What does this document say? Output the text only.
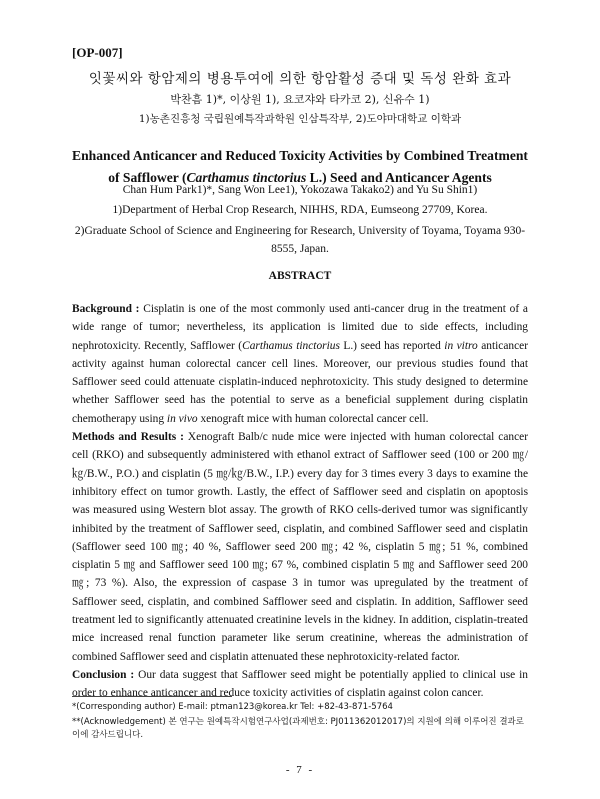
[OP-007]
잇꽃씨와 항암제의 병용투여에 의한 항암활성 증대 및 독성 완화 효과
박찬흠 1)*, 이상원 1), 요코쟈와 타카코 2), 신유수 1)
1)농촌진흥청 국립원예특작과학원 인삼특작부, 2)도야마대학교 이학과
Enhanced Anticancer and Reduced Toxicity Activities by Combined Treatment
of Safflower (Carthamus tinctorius L.) Seed and Anticancer Agents
Chan Hum Park1)*, Sang Won Lee1), Yokozawa Takako2) and Yu Su Shin1)
1)Department of Herbal Crop Research, NIHHS, RDA, Eumseong 27709, Korea.
2)Graduate School of Science and Engineering for Research, University of Toyama, Toyama 930-8555, Japan.
ABSTRACT

Background : Cisplatin is one of the most commonly used anti-cancer drug in the treatment of a wide range of tumor; nevertheless, its application is limited due to side effects, including nephrotoxicity. Recently, Safflower (Carthamus tinctorius L.) seed has reported in vitro anticancer activity against human colorectal cancer cell lines. Moreover, our previous studies found that Safflower seed could attenuate cisplatin-induced nephrotoxicity. This study designed to determine whether Safflower seed has the potential to serve as a beneficial supplement during cisplatin chemotherapy using in vivo xenograft mice with human colorectal cancer cell.

Methods and Results : Xenograft Balb/c nude mice were injected with human colorectal cancer cell (RKO) and subsequently administered with ethanol extract of Safflower seed (100 or 200 ㎎/㎏/B.W., P.O.) and cisplatin (5 ㎎/㎏/B.W., I.P.) every day for 3 times every 3 days to examine the inhibitory effect on tumor growth. Lastly, the effect of Safflower seed and cisplatin on apoptosis was measured using Western blot assay. The growth of RKO cells-derived tumor was significantly inhibited by the treatment of Safflower seed, cisplatin, and combined Safflower seed and cisplatin (Safflower seed 100 ㎎; 40 %, Safflower seed 200 ㎎; 42 %, cisplatin 5 ㎎; 51 %, combined cisplatin 5 ㎎ and Safflower seed 100 ㎎; 67 %, combined cisplatin 5 ㎎ and Safflower seed 200 ㎎; 73 %). Also, the expression of caspase 3 in tumor was upregulated by the treatment of Safflower seed, cisplatin, and combined Safflower seed and cisplatin. In addition, Safflower seed treatment led to significantly attenuated creatinine levels in the kidney. In addition, cisplatin-treated mice increased renal function parameter like serum creatinine, whereas the administration of combined Safflower seed and cisplatin attenuated these nephrotoxicity-related factor.

Conclusion : Our data suggest that Safflower seed might be potentially applied to clinical use in order to enhance anticancer and reduce toxicity activities of cisplatin against colon cancer.

*(Corresponding author) E-mail: ptman123@korea.kr Tel: +82-43-871-5764
**(Acknowledgement) 본 연구는 원예특작시험연구사업(과제번호: PJ011362012017)의 지원에 의해 이루어진 결과로 이에 감사드립니다.
- 7 -
